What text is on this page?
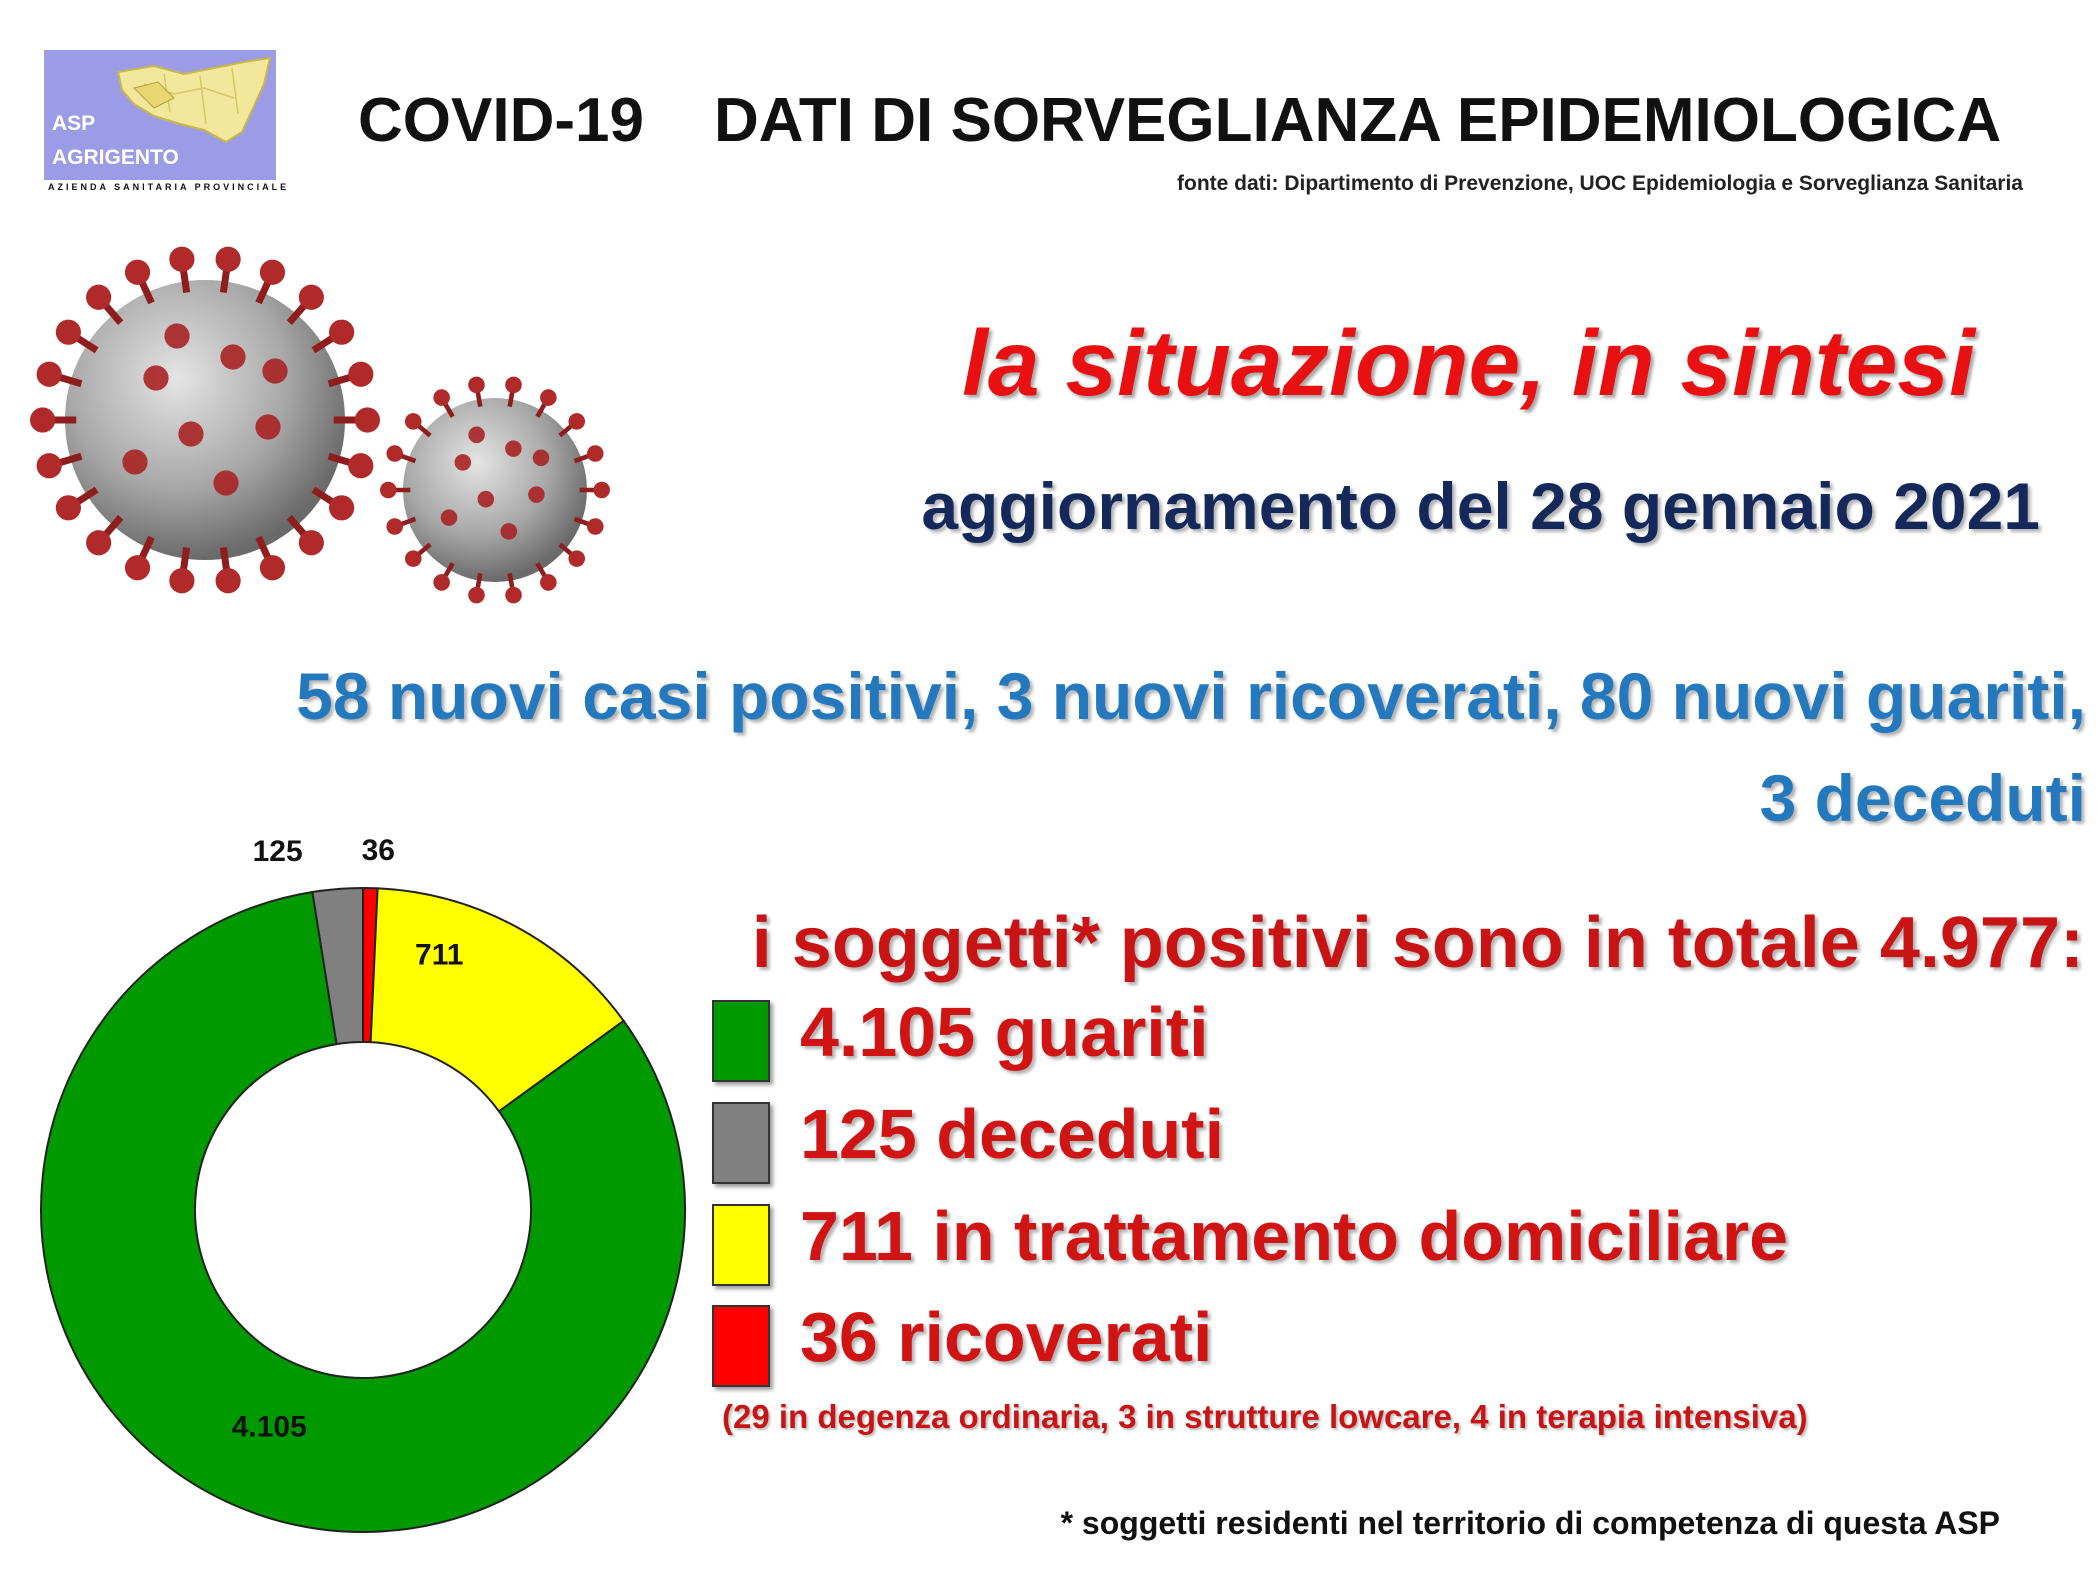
ASP
AGRIGENTO
AZIENDA SANITARIA PROVINCIALE
COVID-19 DATI DI SORVEGLIANZA EPIDEMIOLOGICA
fonte dati: Dipartimento di Prevenzione, UOC Epidemiologia e Sorveglianza Sanitaria
la situazione, in sintesi
aggiornamento del 28 gennaio 2021
58 nuovi casi positivi, 3 nuovi ricoverati, 80 nuovi guariti,
3 deceduti
36
711
4.105
125
i soggetti* positivi sono in totale 4.977:
4.105 guariti
125 deceduti
711 in trattamento domiciliare
36 ricoverati
(29 in degenza ordinaria, 3 in strutture lowcare, 4 in terapia intensiva)
* soggetti residenti nel territorio di competenza di questa ASP
